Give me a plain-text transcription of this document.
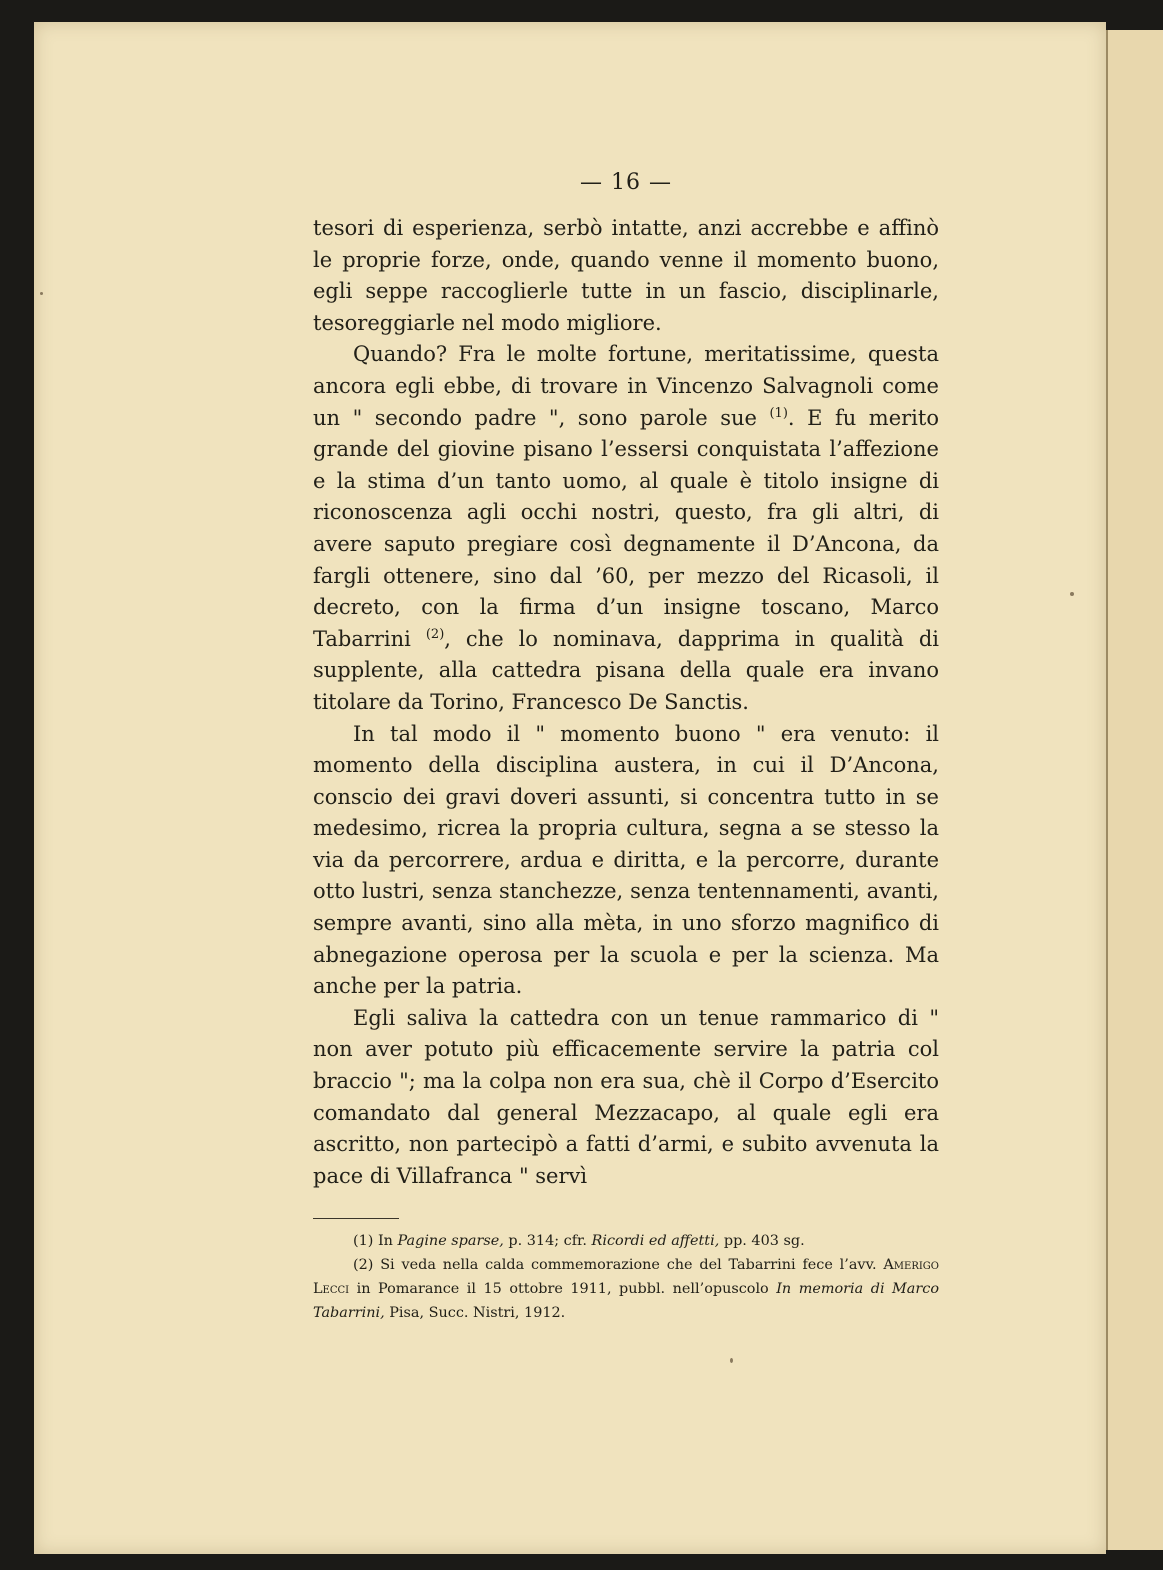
— 16 —

tesori di esperienza, serbò intatte, anzi accrebbe e affinò le proprie forze, onde, quando venne il momento buono, egli seppe raccoglierle tutte in un fascio, disciplinarle, tesoreggiarle nel modo migliore.

Quando? Fra le molte fortune, meritatissime, questa ancora egli ebbe, di trovare in Vincenzo Salvagnoli come un " secondo padre ", sono parole sue $^{(1)}$. E fu merito grande del giovine pisano l’essersi conquistata l’affezione e la stima d’un tanto uomo, al quale è titolo insigne di riconoscenza agli occhi nostri, questo, fra gli altri, di avere saputo pregiare così degnamente il D’Ancona, da fargli ottenere, sino dal ’60, per mezzo del Ricasoli, il decreto, con la firma d’un insigne toscano, Marco Tabarrini $^{(2)}$, che lo nominava, dapprima in qualità di supplente, alla cattedra pisana della quale era invano titolare da Torino, Francesco De Sanctis.

In tal modo il " momento buono " era venuto: il momento della disciplina austera, in cui il D’Ancona, conscio dei gravi doveri assunti, si concentra tutto in se medesimo, ricrea la propria cultura, segna a se stesso la via da percorrere, ardua e diritta, e la percorre, durante otto lustri, senza stanchezze, senza tentennamenti, avanti, sempre avanti, sino alla mèta, in uno sforzo magnifico di abnegazione operosa per la scuola e per la scienza. Ma anche per la patria.

Egli saliva la cattedra con un tenue rammarico di " non aver potuto più efficacemente servire la patria col braccio "; ma la colpa non era sua, chè il Corpo d’Esercito comandato dal general Mezzacapo, al quale egli era ascritto, non partecipò a fatti d’armi, e subito avvenuta la pace di Villafranca " servì

(1) In Pagine sparse, p. 314; cfr. Ricordi ed affetti, pp. 403 sg.

(2) Si veda nella calda commemorazione che del Tabarrini fece l’avv. Amerigo Lecci in Pomarance il 15 ottobre 1911, pubbl. nell’opuscolo In memoria di Marco Tabarrini, Pisa, Succ. Nistri, 1912.
